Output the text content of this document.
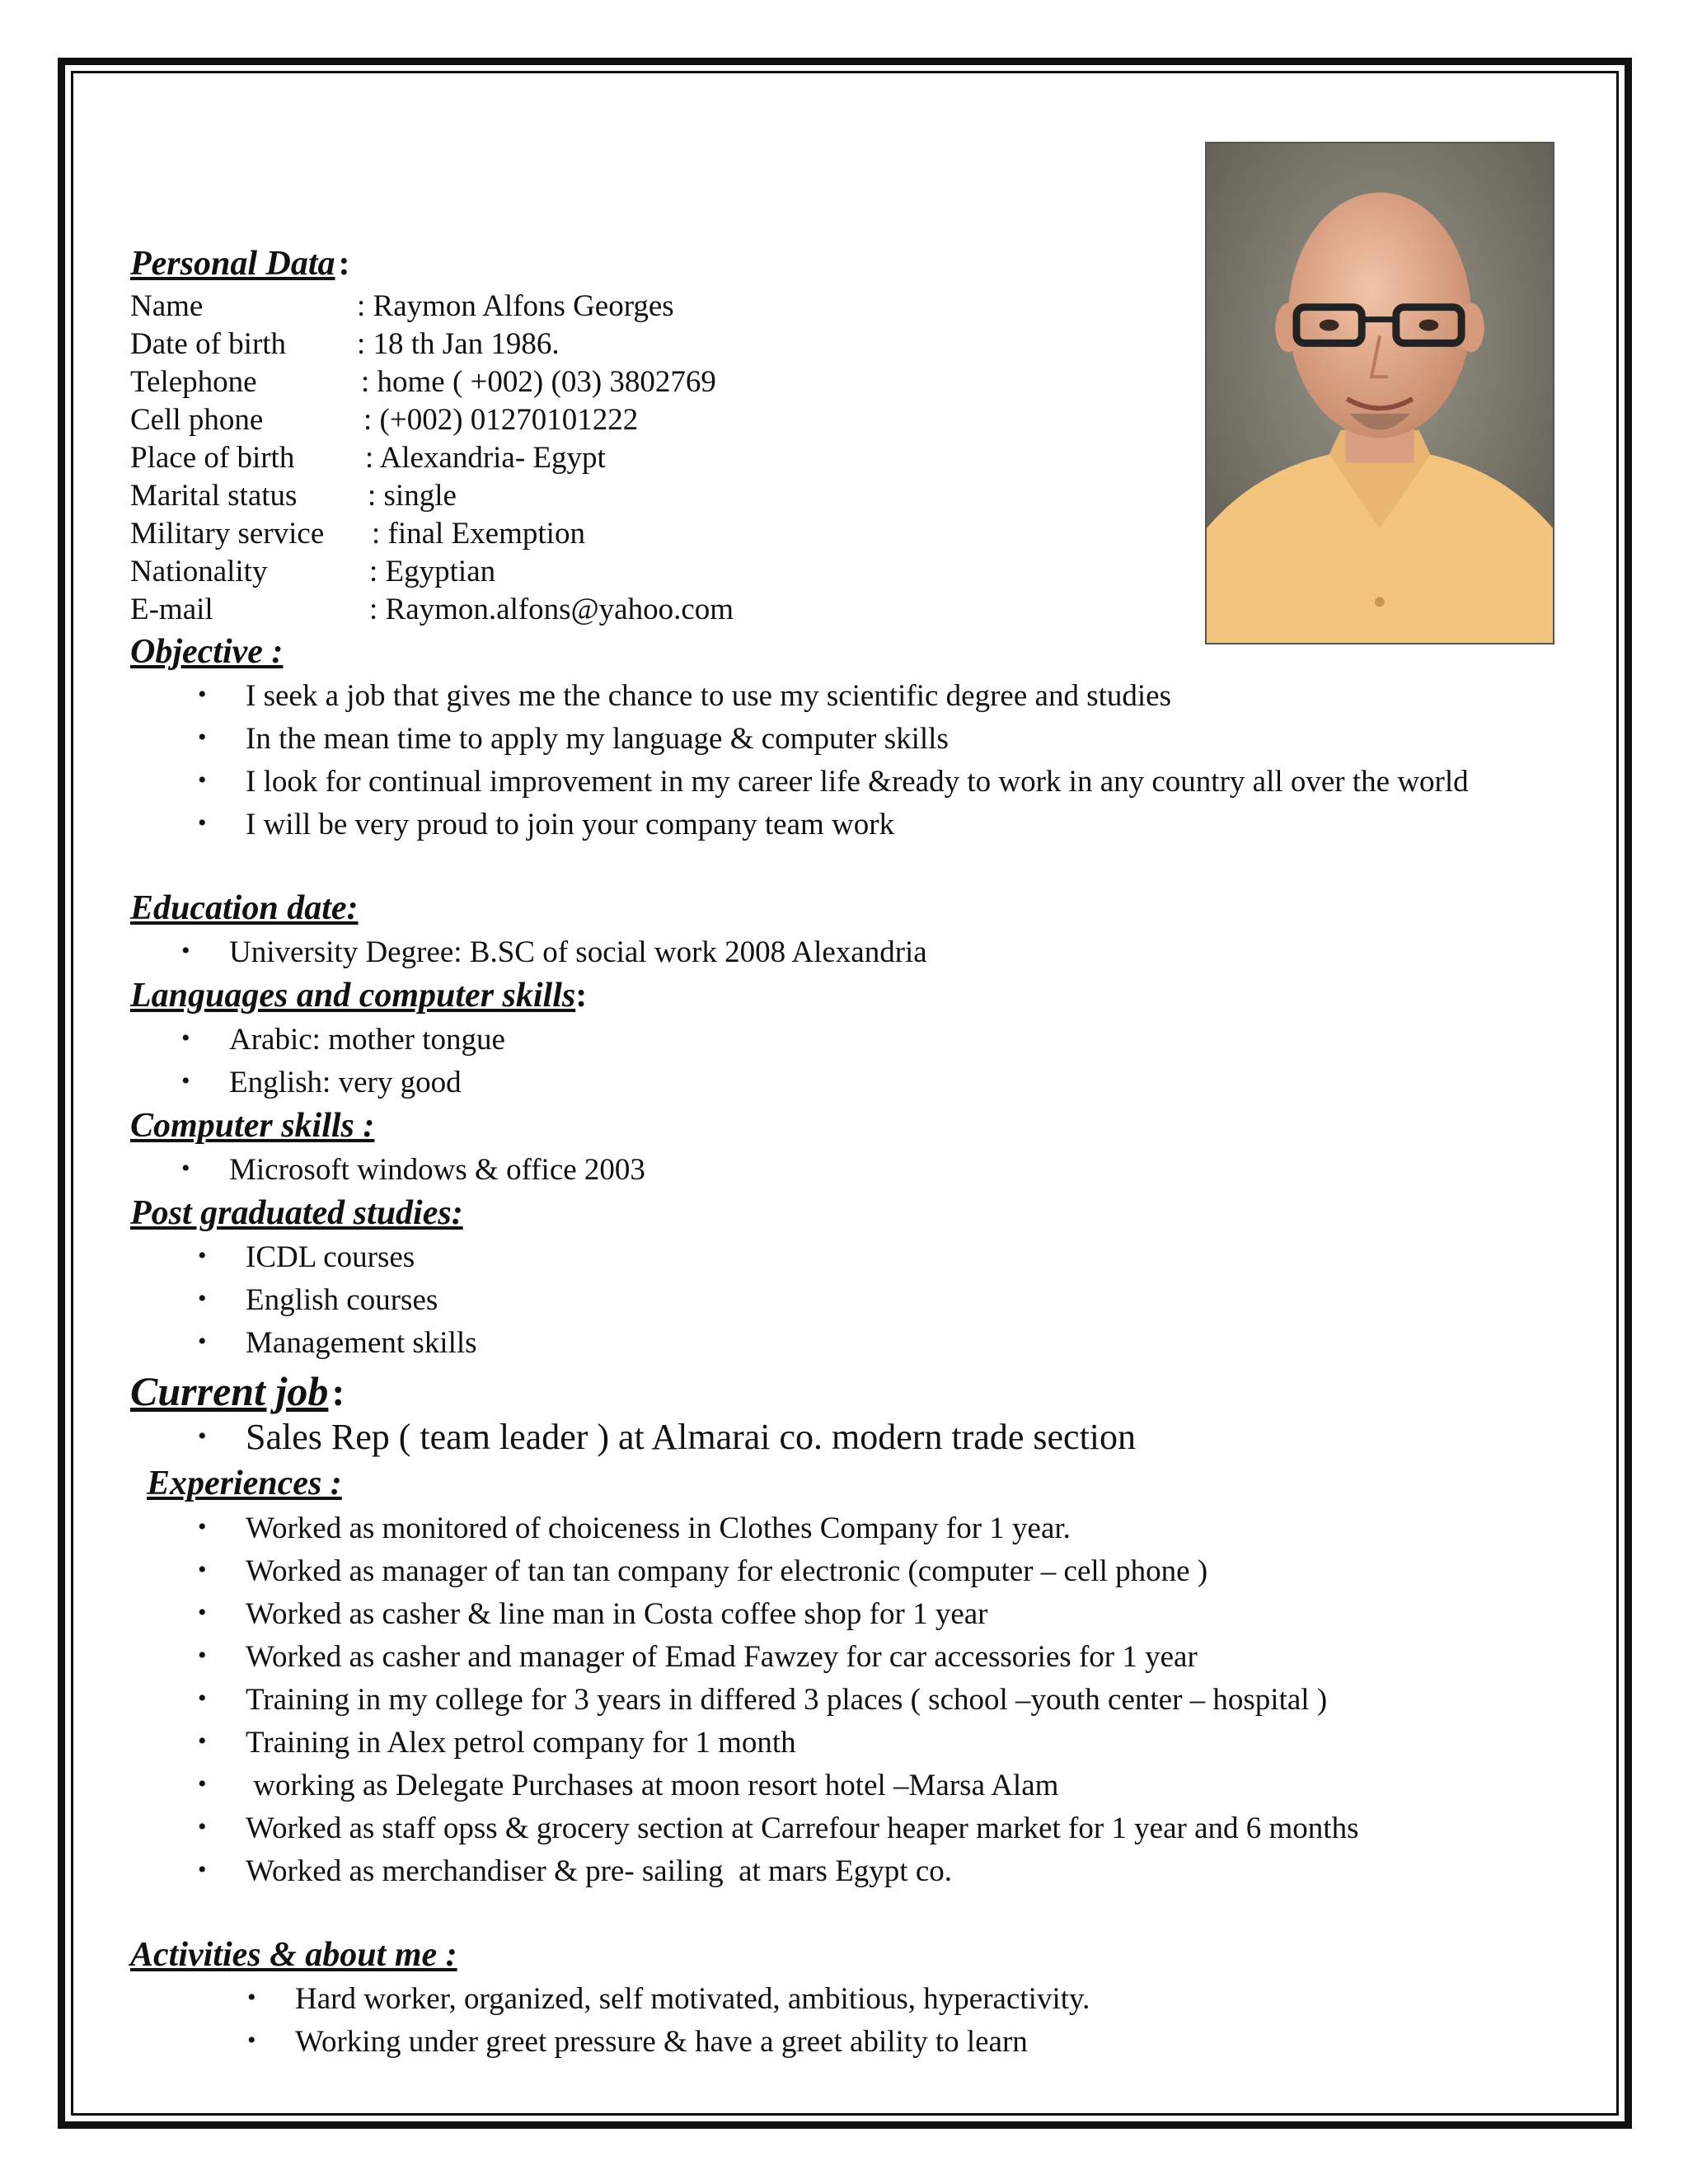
Personal Data :
Name	: Raymon Alfons Georges
Date of birth : 18 th Jan 1986.
Telephone	: home ( +002) (03) 3802769
Cell phone	: (+002) 01270101222
Place of birth : Alexandria- Egypt
Marital status : single
Military service : final Exemption
Nationality	: Egyptian
E-mail	: Raymon.alfons@yahoo.com
Objective :
• I seek a job that gives me the chance to use my scientific degree and studies
• In the mean time to apply my language & computer skills
• I look for continual improvement in my career life &ready to work in any country all over the world
• I will be very proud to join your company team work
Education date:
• University Degree: B.SC of social work 2008 Alexandria
Languages and computer skills:
• Arabic: mother tongue
• English: very good
Computer skills :
• Microsoft windows & office 2003
Post graduated studies:
• ICDL courses
• English courses
• Management skills
Current job :
• Sales Rep ( team leader ) at Almarai co. modern trade section
Experiences :
• Worked as monitored of choiceness in Clothes Company for 1 year.
• Worked as manager of tan tan company for electronic (computer – cell phone )
• Worked as casher & line man in Costa coffee shop for 1 year
• Worked as casher and manager of Emad Fawzey for car accessories for 1 year
• Training in my college for 3 years in differed 3 places ( school –youth center – hospital )
• Training in Alex petrol company for 1 month
• working as Delegate Purchases at moon resort hotel –Marsa Alam
• Worked as staff opss & grocery section at Carrefour heaper market for 1 year and 6 months
• Worked as merchandiser & pre- sailing  at mars Egypt co.
Activities & about me :
• Hard worker, organized, self motivated, ambitious, hyperactivity.
• Working under greet pressure & have a greet ability to learn
